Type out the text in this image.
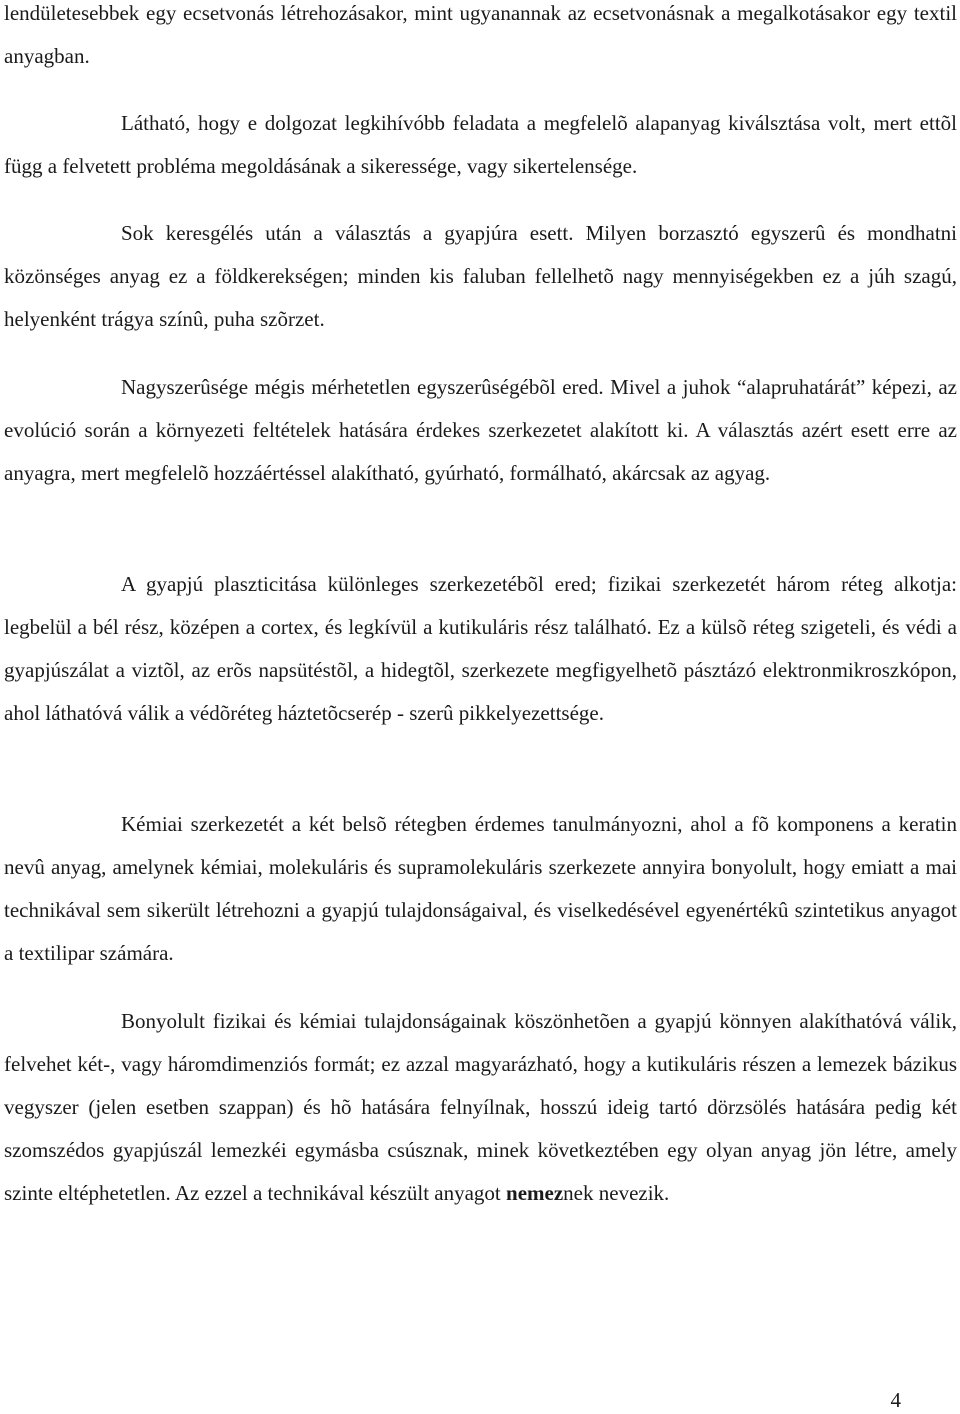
lendületesebbek egy ecsetvonás létrehozásakor, mint ugyanannak az ecsetvonásnak a megalkotásakor egy textil anyagban.

Látható, hogy e dolgozat legkihívóbb feladata a megfelelõ alapanyag kiválsztása volt, mert ettõl függ a felvetett probléma megoldásának a sikeressége, vagy sikertelensége.

Sok keresgélés után a választás a gyapjúra esett. Milyen borzasztó egyszerû és mondhatni közönséges anyag ez a földkerekségen; minden kis faluban fellelhetõ nagy mennyiségekben ez a júh szagú, helyenként trágya színû, puha szõrzet.

Nagyszerûsége mégis mérhetetlen egyszerûségébõl ered. Mivel a juhok “alapruhatárát” képezi, az evolúció során a környezeti feltételek hatására érdekes szerkezetet alakított ki. A választás azért esett erre az anyagra, mert megfelelõ hozzáértéssel alakítható, gyúrható, formálható, akárcsak az agyag.

A gyapjú plaszticitása különleges szerkezetébõl ered; fizikai szerkezetét három réteg alkotja: legbelül a bél rész, középen a cortex, és legkívül a kutikuláris rész található. Ez a külsõ réteg szigeteli, és védi a gyapjúszálat a viztõl, az erõs napsütéstõl, a hidegtõl, szerkezete megfigyelhetõ pásztázó elektronmikroszkópon, ahol láthatóvá válik a védõréteg háztetõcserép - szerû pikkelyezettsége.

Kémiai szerkezetét a két belsõ rétegben érdemes tanulmányozni, ahol a fõ komponens a keratin nevû anyag, amelynek kémiai, molekuláris és supramolekuláris szerkezete annyira bonyolult, hogy emiatt a mai technikával sem sikerült létrehozni a gyapjú tulajdonságaival, és viselkedésével egyenértékû szintetikus anyagot a textilipar számára.

Bonyolult fizikai és kémiai tulajdonságainak köszönhetõen a gyapjú könnyen alakíthatóvá válik, felvehet két-, vagy háromdimenziós formát; ez azzal magyarázható, hogy a kutikuláris részen a lemezek bázikus vegyszer (jelen esetben szappan) és hõ hatására felnyílnak, hosszú ideig tartó dörzsölés hatására pedig két szomszédos gyapjúszál lemezkéi egymásba csúsznak, minek következtében egy olyan anyag jön létre, amely szinte eltéphetetlen. Az ezzel a technikával készült anyagot nemeznek nevezik.

4
